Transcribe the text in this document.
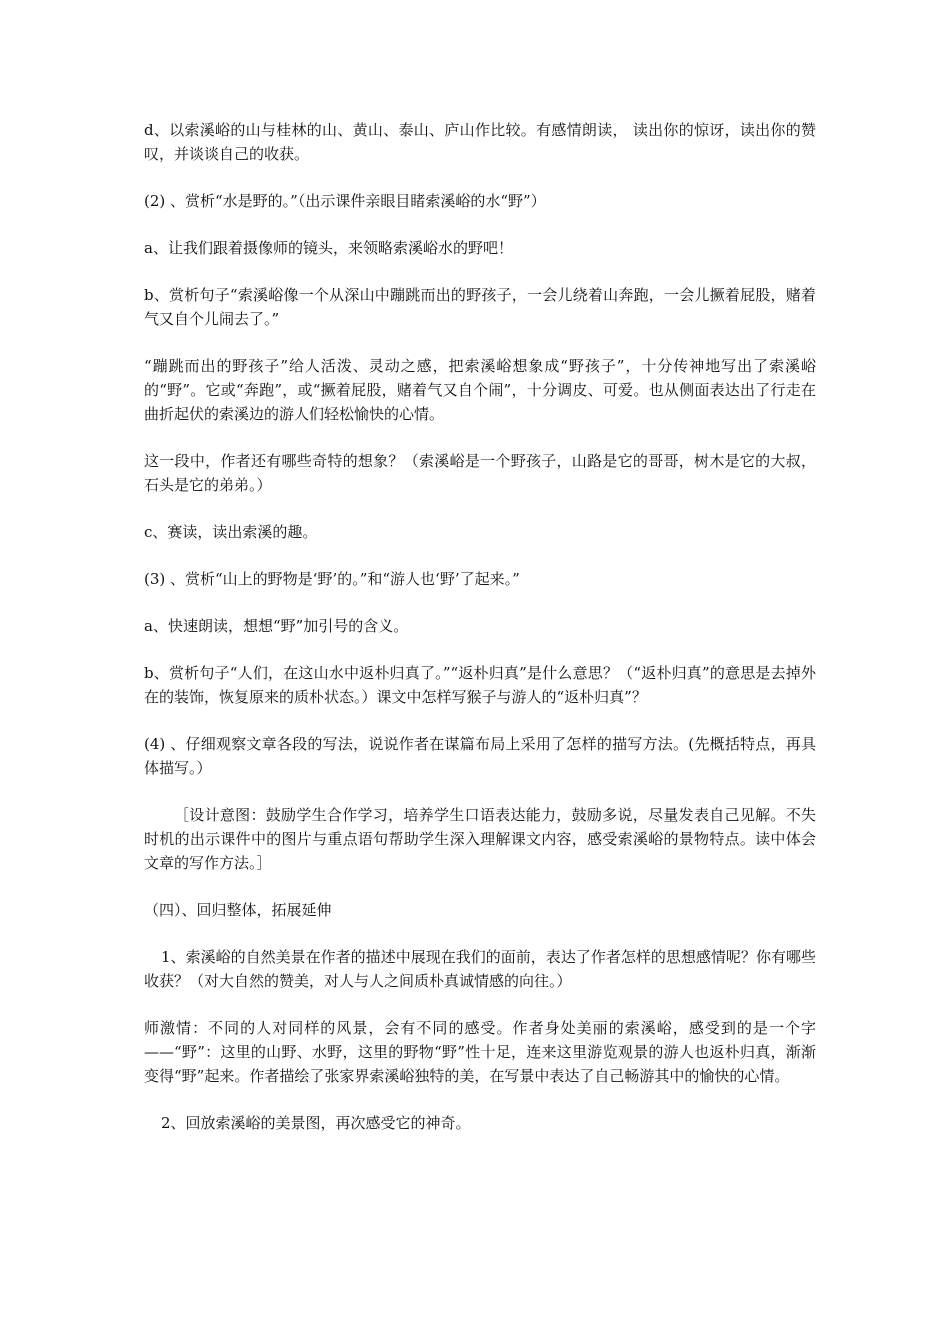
d、以索溪峪的山与桂林的山、黄山、泰山、庐山作比较。有感情朗读， 读出你的惊讶，读出你的赞叹，并谈谈自己的收获。

(2) 、赏析“水是野的。”（出示课件亲眼目睹索溪峪的水“野”）

a、让我们跟着摄像师的镜头，来领略索溪峪水的野吧！

b、赏析句子“索溪峪像一个从深山中蹦跳而出的野孩子，一会儿绕着山奔跑，一会儿撅着屁股，赌着气又自个儿闹去了。”

“蹦跳而出的野孩子”给人活泼、灵动之感，把索溪峪想象成“野孩子”，十分传神地写出了索溪峪的“野”。它或“奔跑”，或“撅着屁股，赌着气又自个闹”，十分调皮、可爱。也从侧面表达出了行走在曲折起伏的索溪边的游人们轻松愉快的心情。

这一段中，作者还有哪些奇特的想象？（索溪峪是一个野孩子，山路是它的哥哥，树木是它的大叔，石头是它的弟弟。）

c、赛读，读出索溪的趣。

(3) 、赏析“山上的野物是‘野’的。”和“游人也‘野’了起来。”

a、快速朗读，想想“野”加引号的含义。

b、赏析句子“人们，在这山水中返朴归真了。”“返朴归真”是什么意思？（“返朴归真”的意思是去掉外在的装饰，恢复原来的质朴状态。）课文中怎样写猴子与游人的“返朴归真”？

(4) 、仔细观察文章各段的写法，说说作者在谋篇布局上采用了怎样的描写方法。(先概括特点，再具体描写。）

［设计意图：鼓励学生合作学习，培养学生口语表达能力，鼓励多说，尽量发表自己见解。不失时机的出示课件中的图片与重点语句帮助学生深入理解课文内容，感受索溪峪的景物特点。读中体会文章的写作方法。］

（四）、回归整体，拓展延伸

1、索溪峪的自然美景在作者的描述中展现在我们的面前，表达了作者怎样的思想感情呢？你有哪些收获？（对大自然的赞美，对人与人之间质朴真诚情感的向往。）

师激情：不同的人对同样的风景，会有不同的感受。作者身处美丽的索溪峪，感受到的是一个字——“野”：这里的山野、水野，这里的野物“野”性十足，连来这里游览观景的游人也返朴归真，渐渐变得“野”起来。作者描绘了张家界索溪峪独特的美，在写景中表达了自己畅游其中的愉快的心情。

2、回放索溪峪的美景图，再次感受它的神奇。
